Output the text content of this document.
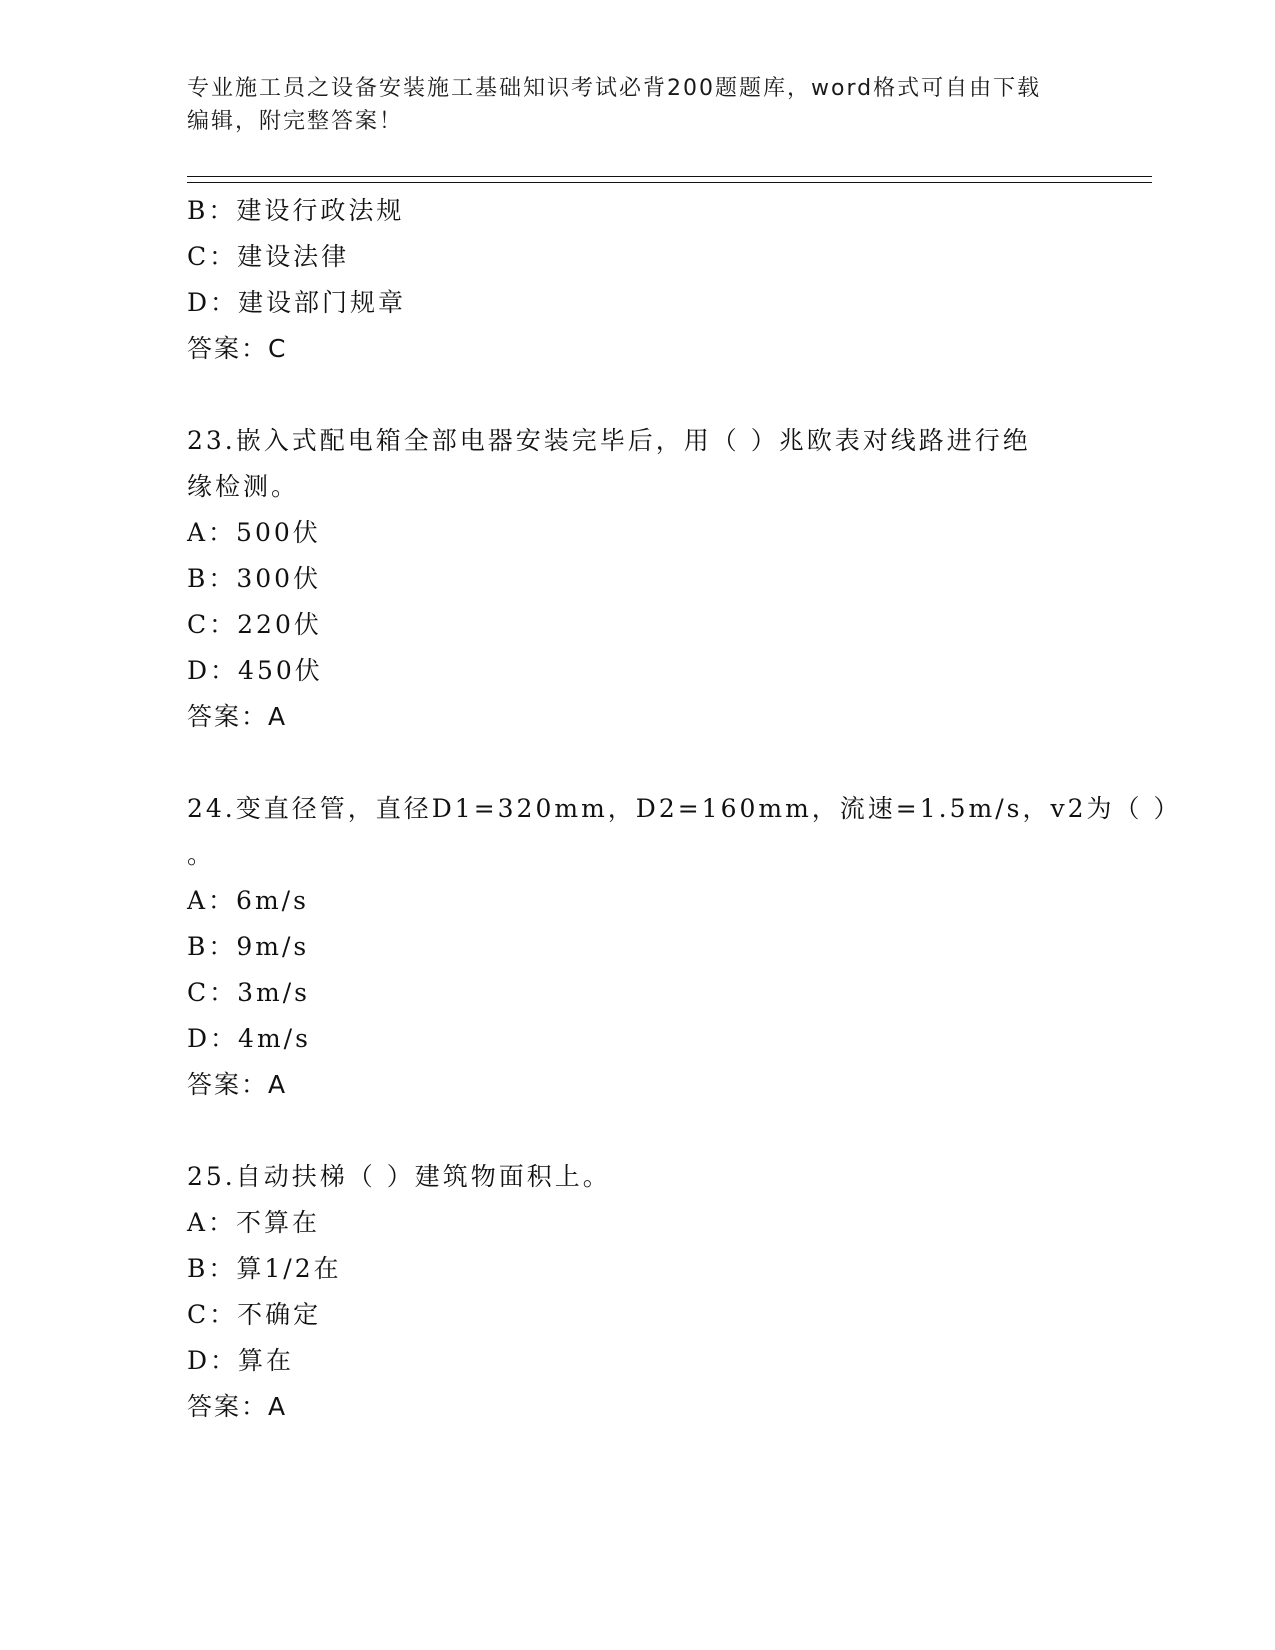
专业施工员之设备安装施工基础知识考试必背200题题库，word格式可自由下载
编辑，附完整答案！
B：建设行政法规
C：建设法律
D：建设部门规章
答案：C
23.嵌入式配电箱全部电器安装完毕后，用（ ）兆欧表对线路进行绝
缘检测。
A：500伏
B：300伏
C：220伏
D：450伏
答案：A
24.变直径管，直径D1=320mm，D2=160mm，流速=1.5m/s，v2为（ ）
。
A：6m/s
B：9m/s
C：3m/s
D：4m/s
答案：A
25.自动扶梯（ ）建筑物面积上。
A：不算在
B：算1/2在
C：不确定
D：算在
答案：A
